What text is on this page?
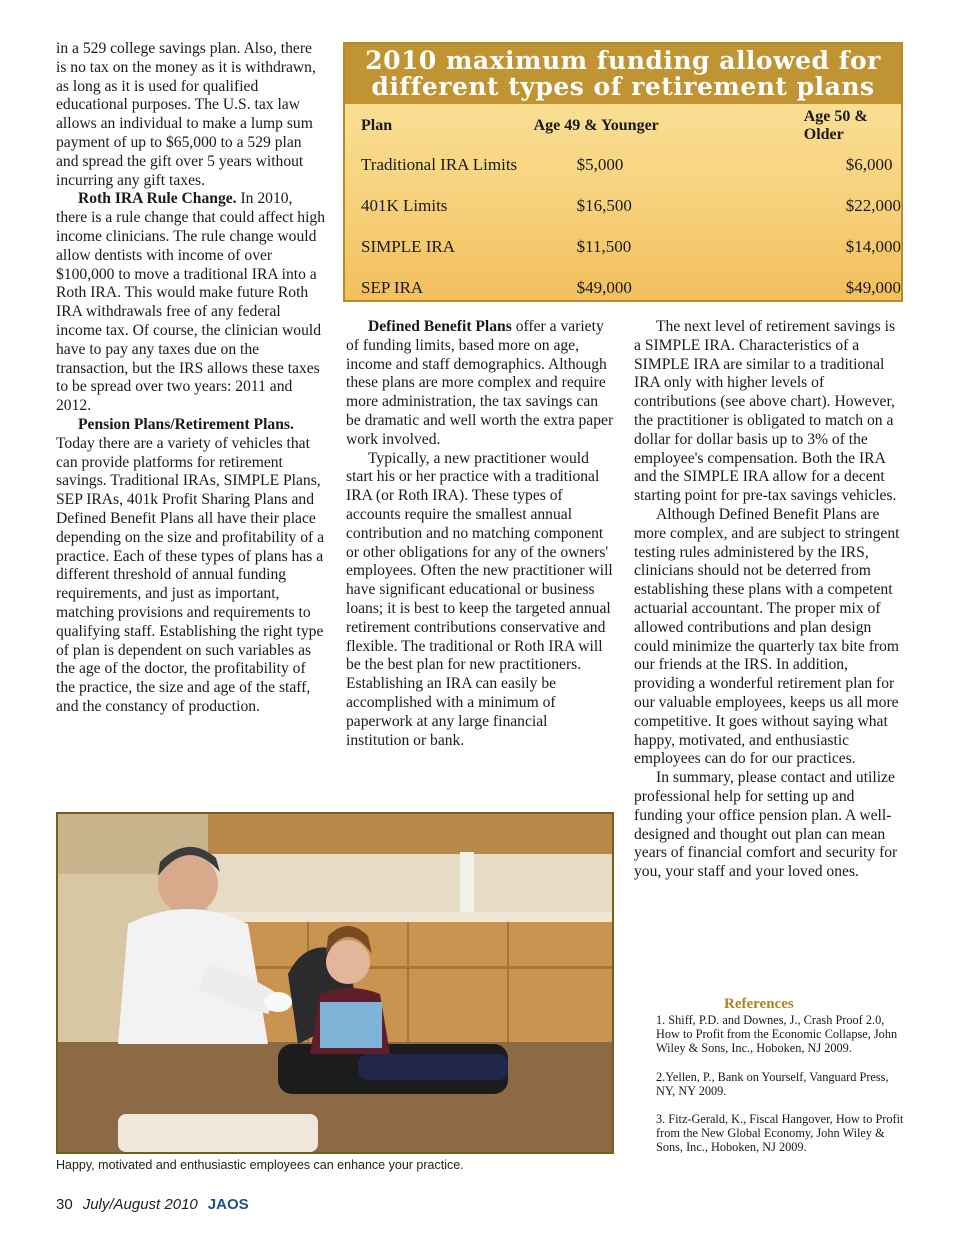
in a 529 college savings plan. Also, there is no tax on the money as it is withdrawn, as long as it is used for qualified educational purposes. The U.S. tax law allows an individual to make a lump sum payment of up to $65,000 to a 529 plan and spread the gift over 5 years without incurring any gift taxes.

Roth IRA Rule Change. In 2010, there is a rule change that could affect high income clinicians. The rule change would allow dentists with income of over $100,000 to move a traditional IRA into a Roth IRA. This would make future Roth IRA withdrawals free of any federal income tax. Of course, the clinician would have to pay any taxes due on the transaction, but the IRS allows these taxes to be spread over two years: 2011 and 2012.

Pension Plans/Retirement Plans. Today there are a variety of vehicles that can provide platforms for retirement savings. Traditional IRAs, SIMPLE Plans, SEP IRAs, 401k Profit Sharing Plans and Defined Benefit Plans all have their place depending on the size and profitability of a practice. Each of these types of plans has a different threshold of annual funding requirements, and just as important, matching provisions and requirements to qualifying staff. Establishing the right type of plan is dependent on such variables as the age of the doctor, the profitability of the practice, the size and age of the staff, and the constancy of production.

2010 maximum funding allowed for
different types of retirement plans
Plan	Age 49 & Younger	Age 50 & Older
Traditional IRA Limits	$5,000	$6,000
401K Limits	$16,500	$22,000
SIMPLE IRA	$11,500	$14,000
SEP IRA	$49,000	$49,000

Defined Benefit Plans offer a variety of funding limits, based more on age, income and staff demographics. Although these plans are more complex and require more administration, the tax savings can be dramatic and well worth the extra paper work involved.

Typically, a new practitioner would start his or her practice with a traditional IRA (or Roth IRA). These types of accounts require the smallest annual contribution and no matching component or other obligations for any of the owners' employees. Often the new practitioner will have significant educational or business loans; it is best to keep the targeted annual retirement contributions conservative and flexible. The traditional or Roth IRA will be the best plan for new practitioners. Establishing an IRA can easily be accomplished with a minimum of paperwork at any large financial institution or bank.

The next level of retirement savings is a SIMPLE IRA. Characteristics of a SIMPLE IRA are similar to a traditional IRA only with higher levels of contributions (see above chart). However, the practitioner is obligated to match on a dollar for dollar basis up to 3% of the employee's compensation. Both the IRA and the SIMPLE IRA allow for a decent starting point for pre-tax savings vehicles.

Although Defined Benefit Plans are more complex, and are subject to stringent testing rules administered by the IRS, clinicians should not be deterred from establishing these plans with a competent actuarial accountant. The proper mix of allowed contributions and plan design could minimize the quarterly tax bite from our friends at the IRS. In addition, providing a wonderful retirement plan for our valuable employees, keeps us all more competitive. It goes without saying what happy, motivated, and enthusiastic employees can do for our practices.

In summary, please contact and utilize professional help for setting up and funding your office pension plan. A well-designed and thought out plan can mean years of financial comfort and security for you, your staff and your loved ones.

Happy, motivated and enthusiastic employees can enhance your practice.
References

1. Shiff, P.D. and Downes, J., Crash Proof 2.0, How to Profit from the Economic Collapse, John Wiley & Sons, Inc., Hoboken, NJ 2009.

2.Yellen, P., Bank on Yourself, Vanguard Press, NY, NY 2009.

3. Fitz-Gerald, K., Fiscal Hangover, How to Profit from the New Global Economy, John Wiley & Sons, Inc., Hoboken, NJ 2009.

30 July/August 2010 JAOS
